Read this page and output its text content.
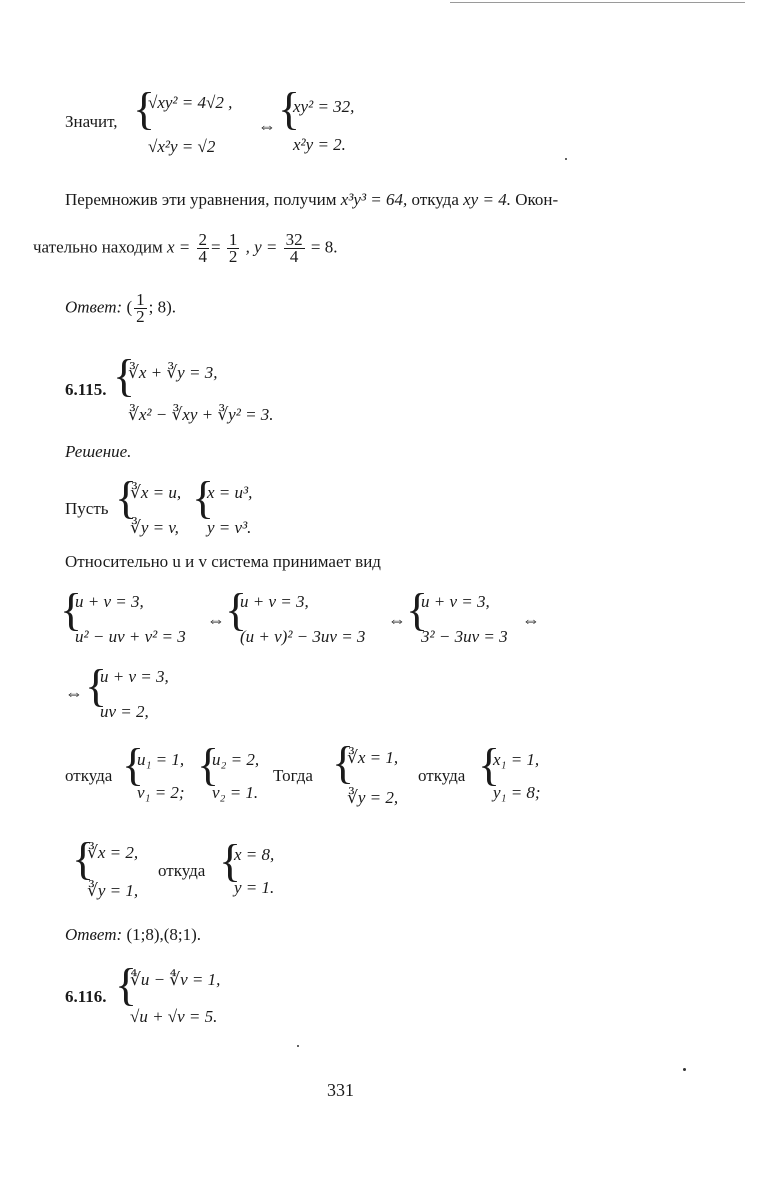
Значит, {
√xy² = 4√2 ,
√x²y = √2
⇔ {
xy² = 32,
x²y = 2.
Перемножив эти уравнения, получим x³y³ = 64, откуда xy = 4. Окон-
чательно находим $x = \frac{2}{4} = \frac{1}{2}$ , $y = \frac{32}{4} = 8$.
Ответ: ( $\frac{1}{2}$ ; 8).
6.115. {
∛x + ∛y = 3,
∛x² − ∛xy + ∛y² = 3.
Решение.
Пусть {
∛x = u,
∛y = v,
{
x = u³,
y = v³.
Относительно u и v система принимает вид
{
u + v = 3,
u² − uv + v² = 3
⇔ {
u + v = 3,
(u + v)² − 3uv = 3
⇔ {
u + v = 3,
3² − 3uv = 3
⇔
⇔ {
u + v = 3,
uv = 2,
откуда {
u₁ = 1,
v₁ = 2;
{
u₂ = 2,
v₂ = 1.
Тогда {
∛x = 1,
∛y = 2,
откуда {
x₁ = 1,
y₁ = 8;
{
∛x = 2,
∛y = 1,
откуда {
x = 8,
y = 1.
Ответ: (1;8),(8;1).
6.116. {
∜u − ∜v = 1,
√u + √v = 5.
331
